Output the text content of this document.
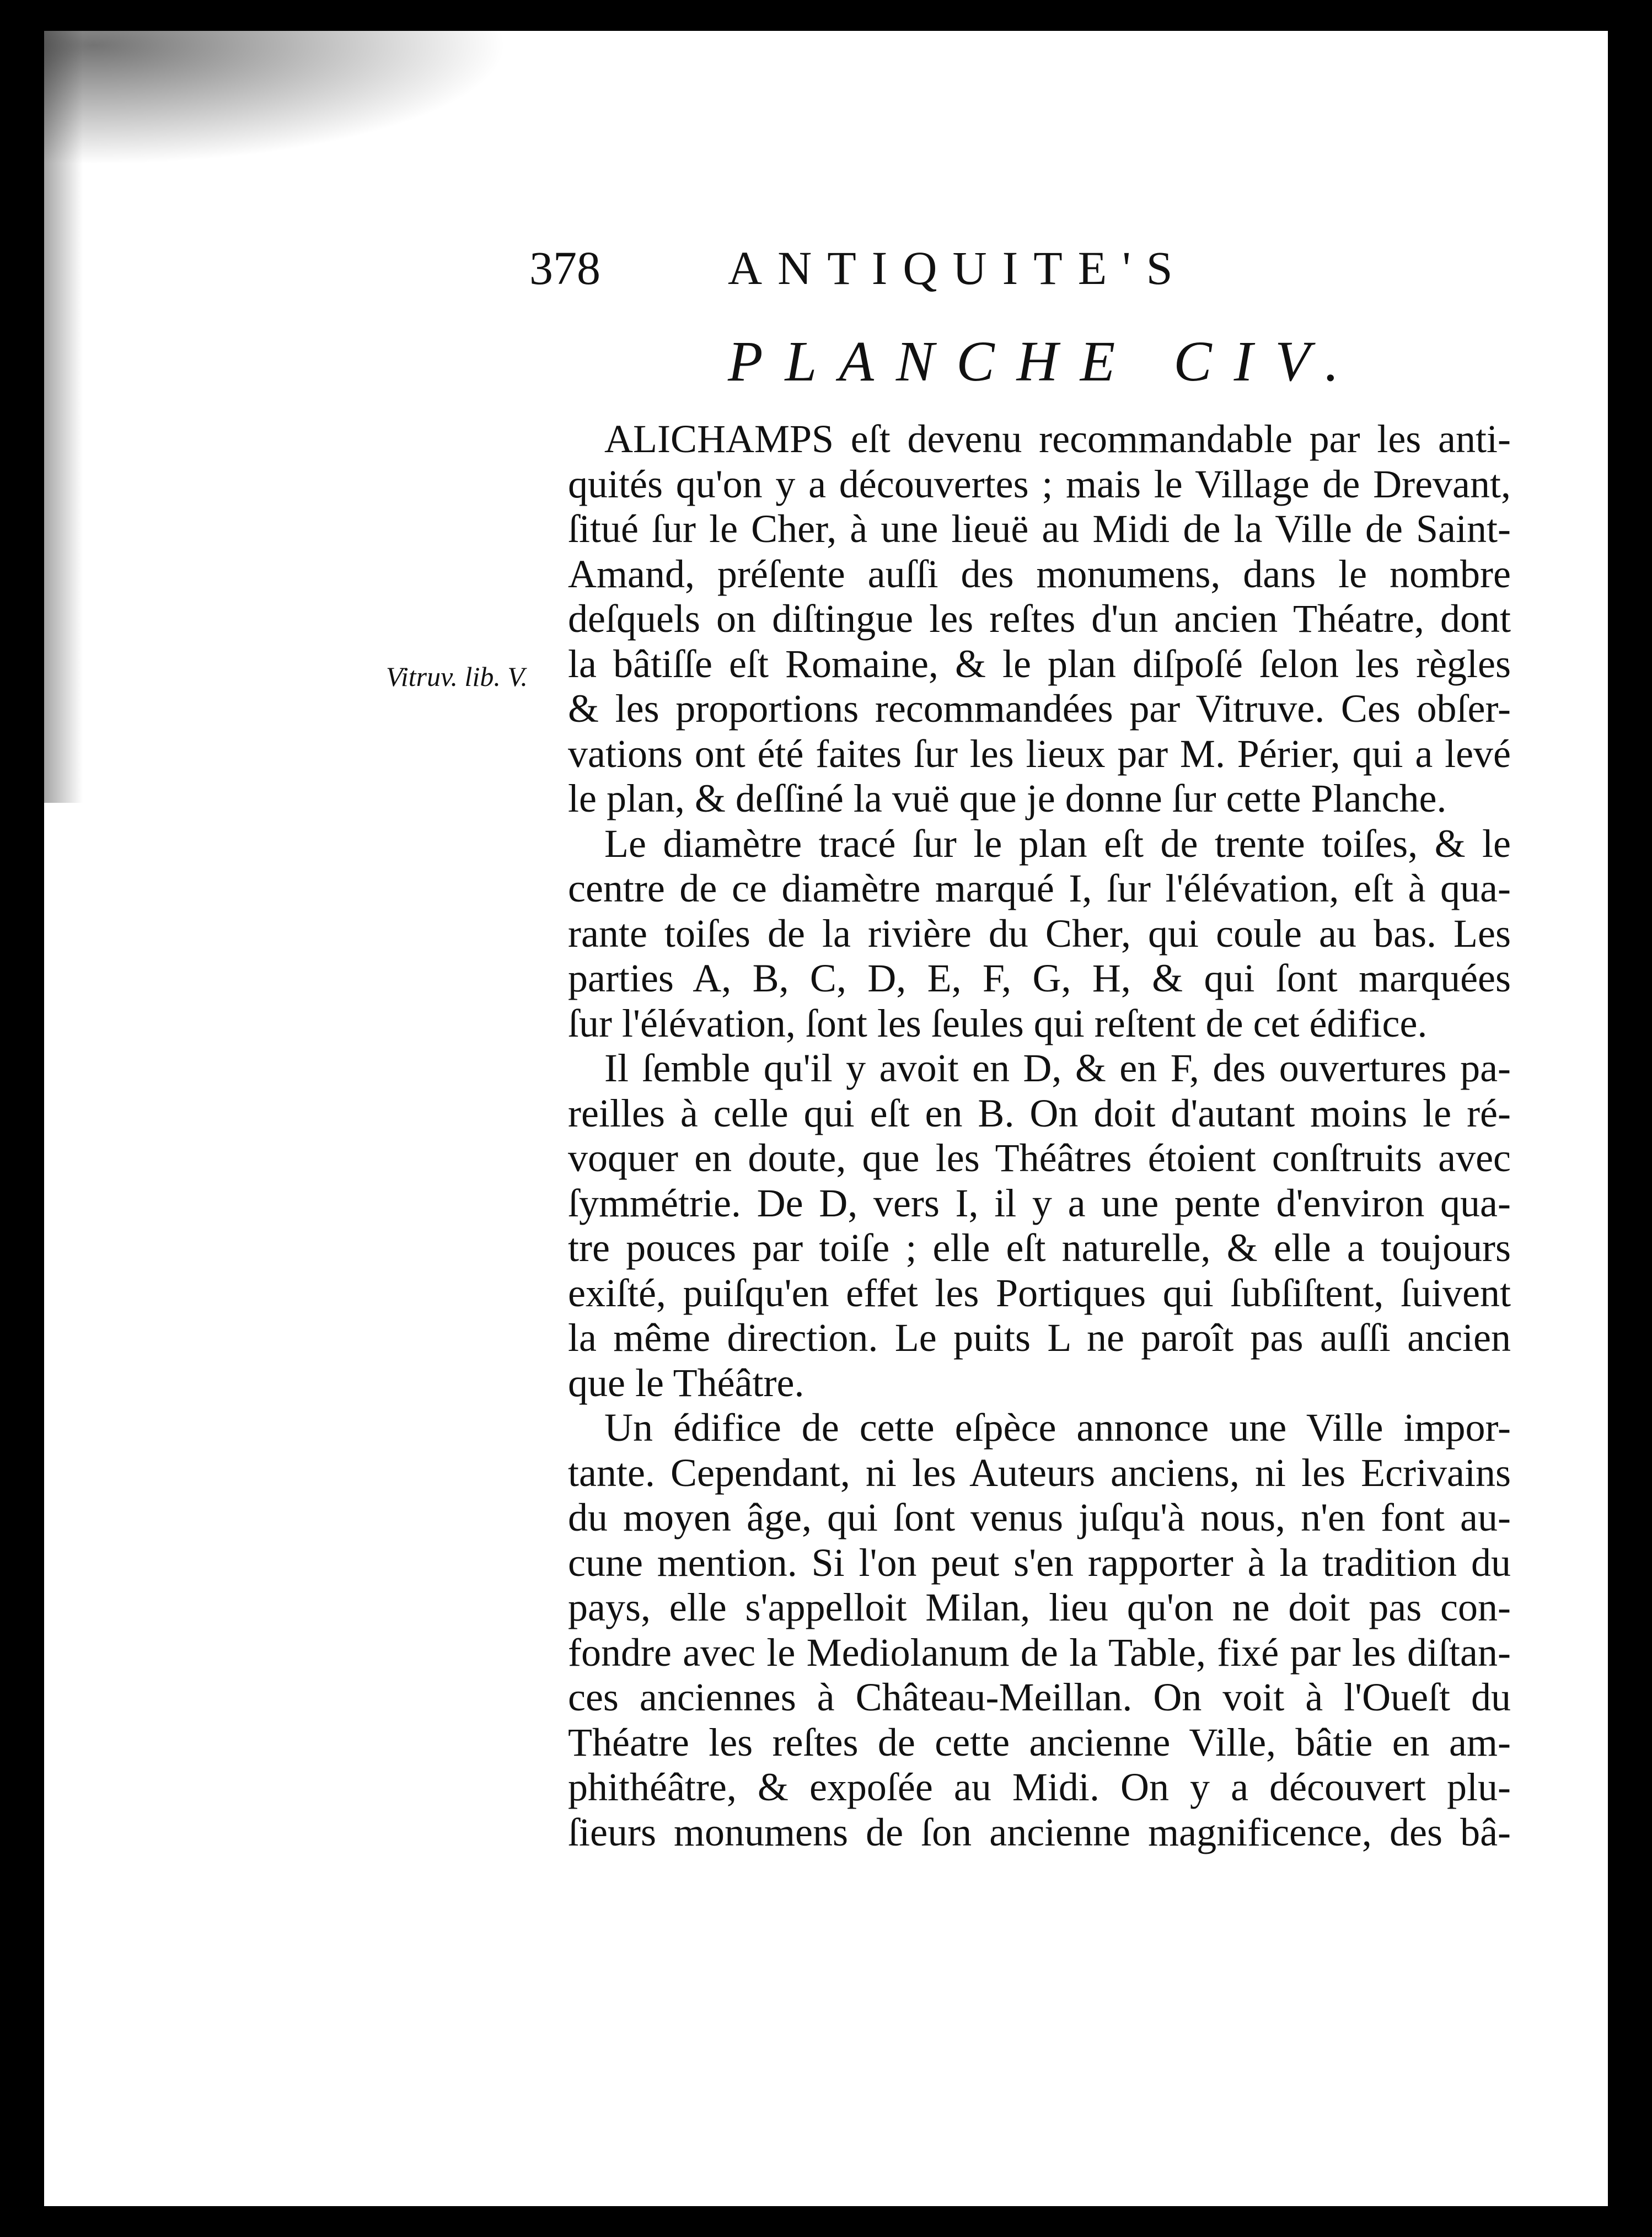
378	ANTIQUITE'S
PLANCHE CIV.
Vitruv. lib. V.
ALICHAMPS eſt devenu recommandable par les anti-
quités qu'on y a découvertes ; mais le Village de Drevant,
ſitué ſur le Cher, à une lieuë au Midi de la Ville de Saint-
Amand, préſente auſſi des monumens, dans le nombre
deſquels on diſtingue les reſtes d'un ancien Théatre, dont
la bâtiſſe eſt Romaine, & le plan diſpoſé ſelon les règles
& les proportions recommandées par Vitruve. Ces obſer-
vations ont été faites ſur les lieux par M. Périer, qui a levé
le plan, & deſſiné la vuë que je donne ſur cette Planche.
Le diamètre tracé ſur le plan eſt de trente toiſes, & le
centre de ce diamètre marqué I, ſur l'élévation, eſt à qua-
rante toiſes de la rivière du Cher, qui coule au bas. Les
parties A, B, C, D, E, F, G, H, & qui ſont marquées
ſur l'élévation, ſont les ſeules qui reſtent de cet édifice.
Il ſemble qu'il y avoit en D, & en F, des ouvertures pa-
reilles à celle qui eſt en B. On doit d'autant moins le ré-
voquer en doute, que les Théâtres étoient conſtruits avec
ſymmétrie. De D, vers I, il y a une pente d'environ qua-
tre pouces par toiſe ; elle eſt naturelle, & elle a toujours
exiſté, puiſqu'en effet les Portiques qui ſubſiſtent, ſuivent
la même direction. Le puits L ne paroît pas auſſi ancien
que le Théâtre.
Un édifice de cette eſpèce annonce une Ville impor-
tante. Cependant, ni les Auteurs anciens, ni les Ecrivains
du moyen âge, qui ſont venus juſqu'à nous, n'en font au-
cune mention. Si l'on peut s'en rapporter à la tradition du
pays, elle s'appelloit Milan, lieu qu'on ne doit pas con-
fondre avec le Mediolanum de la Table, fixé par les diſtan-
ces anciennes à Château-Meillan. On voit à l'Oueſt du
Théatre les reſtes de cette ancienne Ville, bâtie en am-
phithéâtre, & expoſée au Midi. On y a découvert plu-
ſieurs monumens de ſon ancienne magnificence, des bâ-
